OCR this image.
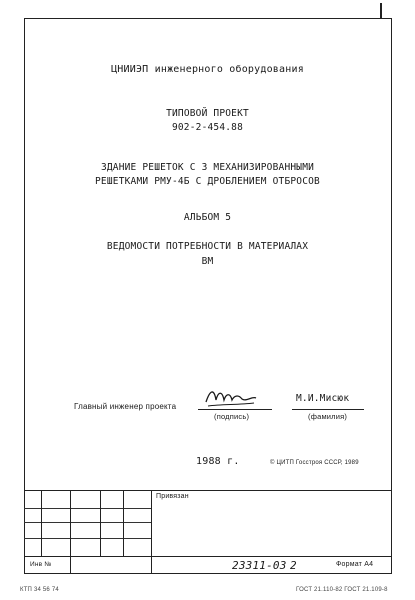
ЦНИИЭП инженерного оборудования
ТИПОВОЙ ПРОЕКТ
902-2-454.88
ЗДАНИЕ РЕШЕТОК С 3 МЕХАНИЗИРОВАННЫМИ
РЕШЕТКАМИ РМУ-4Б С ДРОБЛЕНИЕМ ОТБРОСОВ
АЛЬБОМ 5
ВЕДОМОСТИ ПОТРЕБНОСТИ В МАТЕРИАЛАХ
ВМ
Главный инженер проекта
(подпись)
М.И.Мисюк
(фамилия)
1988 г.	© ЦИТП Госстроя СССР, 1989
Привязан
Инв №	23311-03 2	Формат А4
КТП 34 56 74	ГОСТ 21.110-82 ГОСТ 21.109-8
